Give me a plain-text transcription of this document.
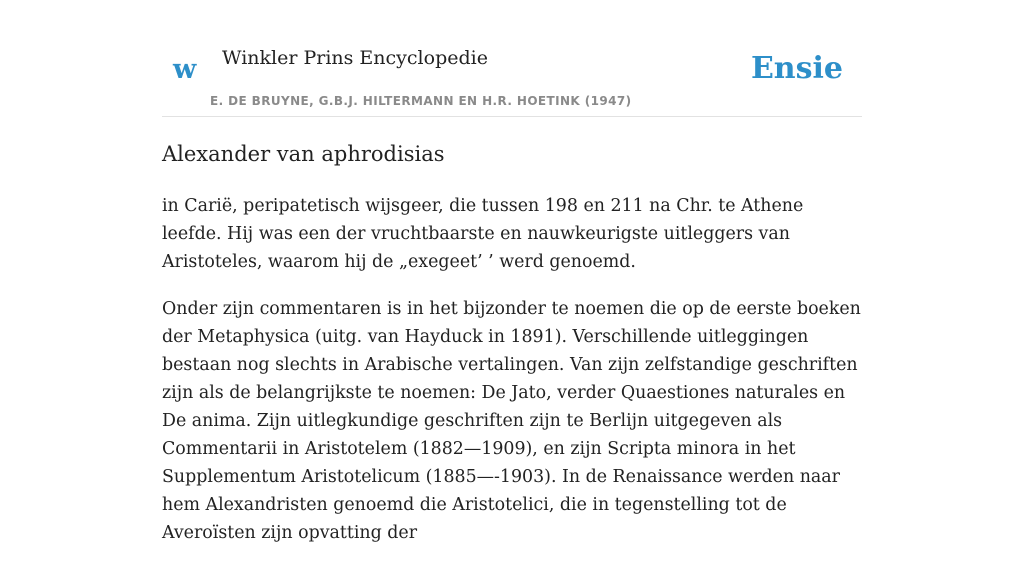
w Winkler Prins Encyclopedie
E. DE BRUYNE, G.B.J. HILTERMANN EN H.R. HOETINK (1947)
Ensie
Alexander van aphrodisias

in Carië, peripatetisch wijsgeer, die tussen 198 en 211 na Chr. te Athene leefde. Hij was een der vruchtbaarste en nauwkeurigste uitleggers van Aristoteles, waarom hij de „exegeet’ ’ werd genoemd.

Onder zijn commentaren is in het bijzonder te noemen die op de eerste boeken der Metaphysica (uitg. van Hayduck in 1891). Verschillende uitleggingen bestaan nog slechts in Arabische vertalingen. Van zijn zelfstandige geschriften zijn als de belangrijkste te noemen: De Jato, verder Quaestiones naturales en De anima. Zijn uitlegkundige geschriften zijn te Berlijn uitgegeven als Commentarii in Aristotelem (1882—1909), en zijn Scripta minora in het Supplementum Aristotelicum (1885—-1903). In de Renaissance werden naar hem Alexandristen genoemd die Aristotelici, die in tegenstelling tot de Averoïsten zijn opvatting der
